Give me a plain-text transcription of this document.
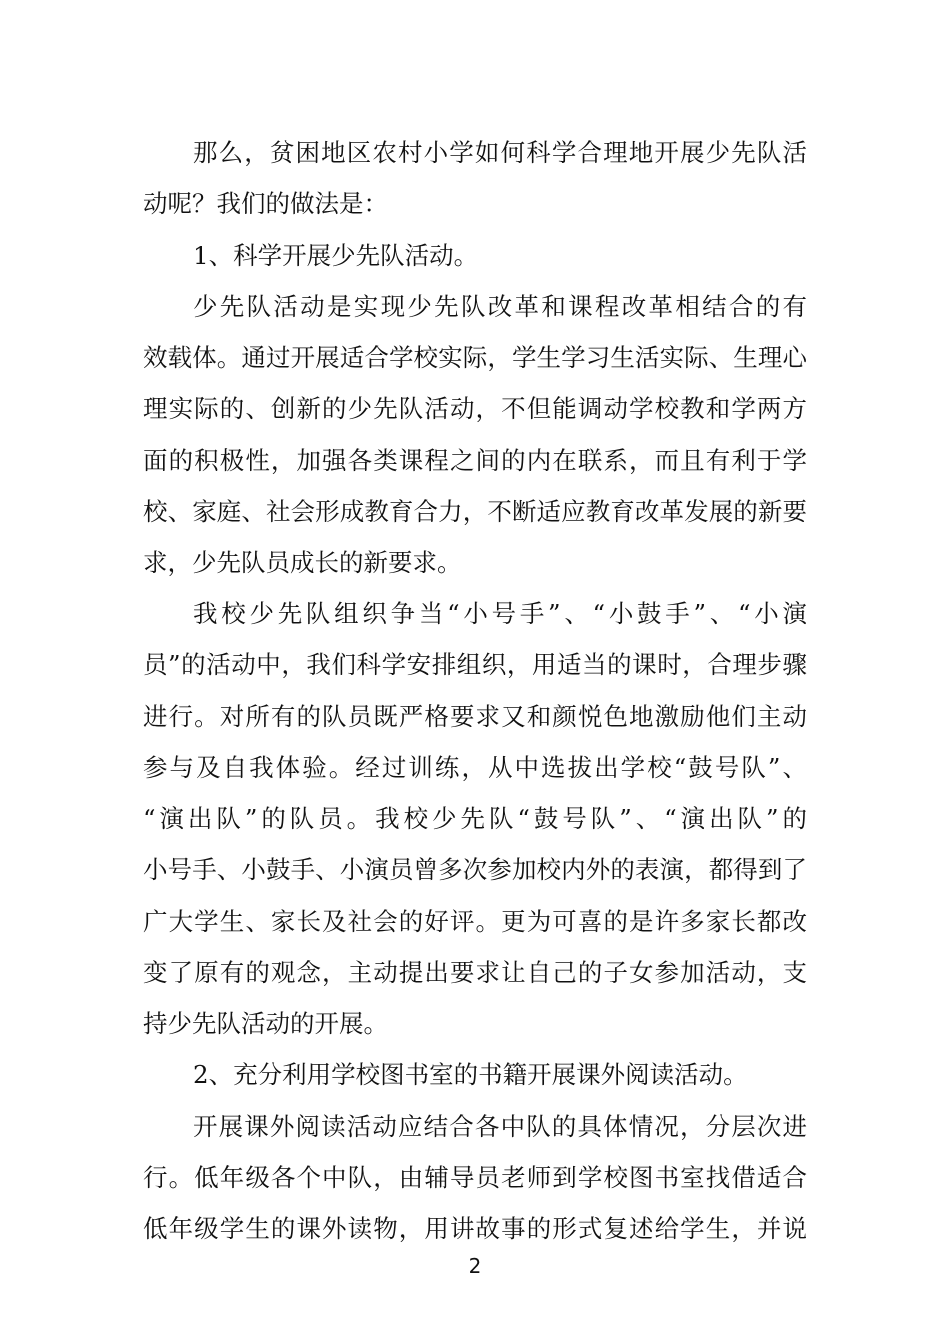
那么，贫困地区农村小学如何科学合理地开展少先队活
动呢？我们的做法是：
1、科学开展少先队活动。
少先队活动是实现少先队改革和课程改革相结合的有
效载体。通过开展适合学校实际，学生学习生活实际、生理心
理实际的、创新的少先队活动，不但能调动学校教和学两方
面的积极性，加强各类课程之间的内在联系，而且有利于学
校、家庭、社会形成教育合力，不断适应教育改革发展的新要
求，少先队员成长的新要求。
我校少先队组织争当“小号手”、“小鼓手”、“小演
员”的活动中，我们科学安排组织，用适当的课时，合理步骤
进行。对所有的队员既严格要求又和颜悦色地激励他们主动
参与及自我体验。经过训练，从中选拔出学校“鼓号队”、
“演出队”的队员。我校少先队“鼓号队”、“演出队”的
小号手、小鼓手、小演员曾多次参加校内外的表演，都得到了
广大学生、家长及社会的好评。更为可喜的是许多家长都改
变了原有的观念，主动提出要求让自己的子女参加活动，支
持少先队活动的开展。
2、充分利用学校图书室的书籍开展课外阅读活动。
开展课外阅读活动应结合各中队的具体情况，分层次进
行。低年级各个中队，由辅导员老师到学校图书室找借适合
低年级学生的课外读物，用讲故事的形式复述给学生，并说
2
